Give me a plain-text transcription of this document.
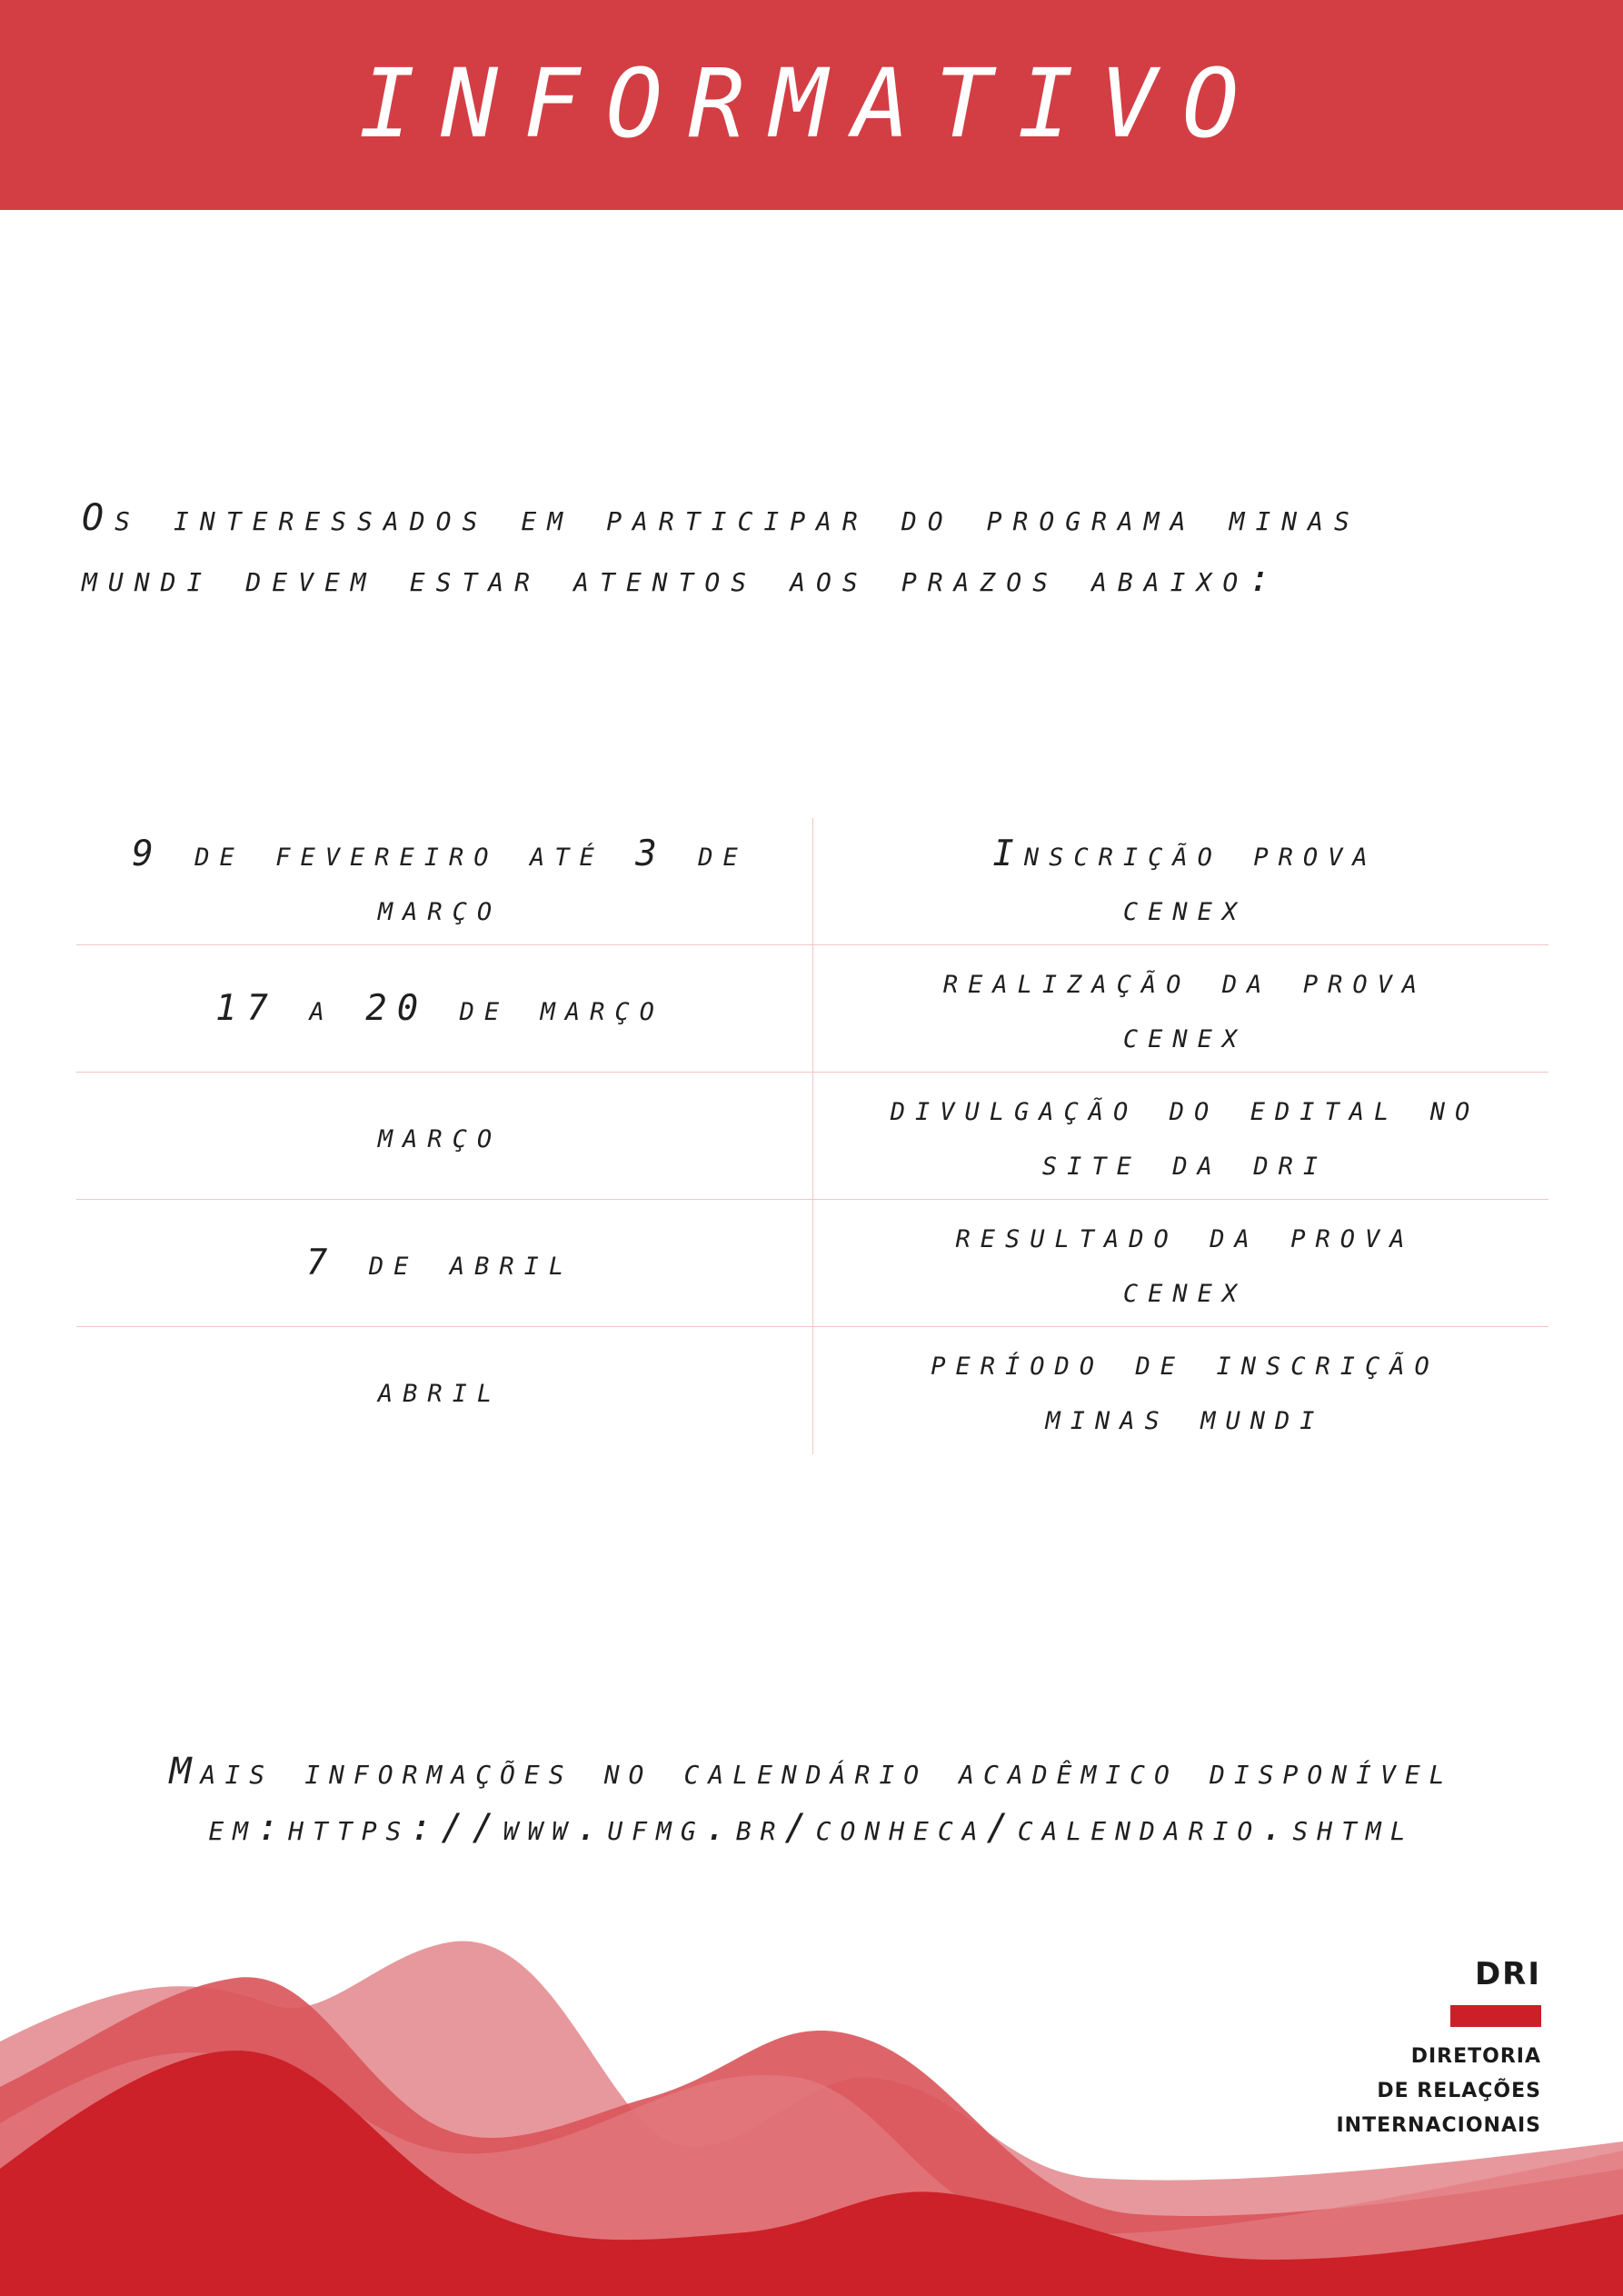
INFORMATIVO
Os interessados em participar do programa minas
mundi devem estar atentos aos prazos abaixo:
9 de fevereiro até 3 de
março
Inscrição prova
cenex
17 a 20 de março
realização da prova
cenex
março
divulgação do edital no
site da dri
7 de abril
resultado da prova
cenex
abril
período de inscrição
minas mundi
Mais informações no calendário acadêmico disponível
em:https://www.ufmg.br/conheca/calendario.shtml
DRI
DIRETORIA
DE RELAÇÕES
INTERNACIONAIS
